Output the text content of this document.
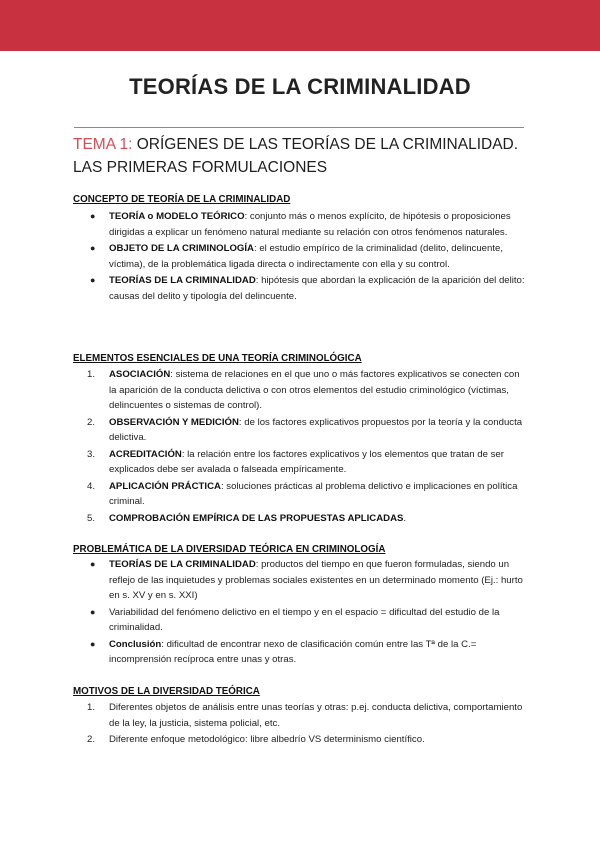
TEORÍAS DE LA CRIMINALIDAD
TEMA 1: ORÍGENES DE LAS TEORÍAS DE LA CRIMINALIDAD. LAS PRIMERAS FORMULACIONES
CONCEPTO DE TEORÍA DE LA CRIMINALIDAD
● TEORÍA o MODELO TEÓRICO: conjunto más o menos explícito, de hipótesis o proposiciones dirigidas a explicar un fenómeno natural mediante su relación con otros fenómenos naturales.
● OBJETO DE LA CRIMINOLOGÍA: el estudio empírico de la criminalidad (delito, delincuente, víctima), de la problemática ligada directa o indirectamente con ella y su control.
● TEORÍAS DE LA CRIMINALIDAD: hipótesis que abordan la explicación de la aparición del delito: causas del delito y tipología del delincuente.
ELEMENTOS ESENCIALES DE UNA TEORÍA CRIMINOLÓGICA
1. ASOCIACIÓN: sistema de relaciones en el que uno o más factores explicativos se conecten con la aparición de la conducta delictiva o con otros elementos del estudio criminológico (víctimas, delincuentes o sistemas de control).
2. OBSERVACIÓN Y MEDICIÓN: de los factores explicativos propuestos por la teoría y la conducta delictiva.
3. ACREDITACIÓN: la relación entre los factores explicativos y los elementos que tratan de ser explicados debe ser avalada o falseada empíricamente.
4. APLICACIÓN PRÁCTICA: soluciones prácticas al problema delictivo e implicaciones en política criminal.
5. COMPROBACIÓN EMPÍRICA DE LAS PROPUESTAS APLICADAS.
PROBLEMÁTICA DE LA DIVERSIDAD TEÓRICA EN CRIMINOLOGÍA
● TEORÍAS DE LA CRIMINALIDAD: productos del tiempo en que fueron formuladas, siendo un reflejo de las inquietudes y problemas sociales existentes en un determinado momento (Ej.: hurto en s. XV y en s. XXI)
● Variabilidad del fenómeno delictivo en el tiempo y en el espacio = dificultad del estudio de la criminalidad.
● Conclusión: dificultad de encontrar nexo de clasificación común entre las Tª de la C.= incomprensión recíproca entre unas y otras.
MOTIVOS DE LA DIVERSIDAD TEÓRICA
1. Diferentes objetos de análisis entre unas teorías y otras: p.ej. conducta delictiva, comportamiento de la ley, la justicia, sistema policial, etc.
2. Diferente enfoque metodológico: libre albedrío VS determinismo científico.
